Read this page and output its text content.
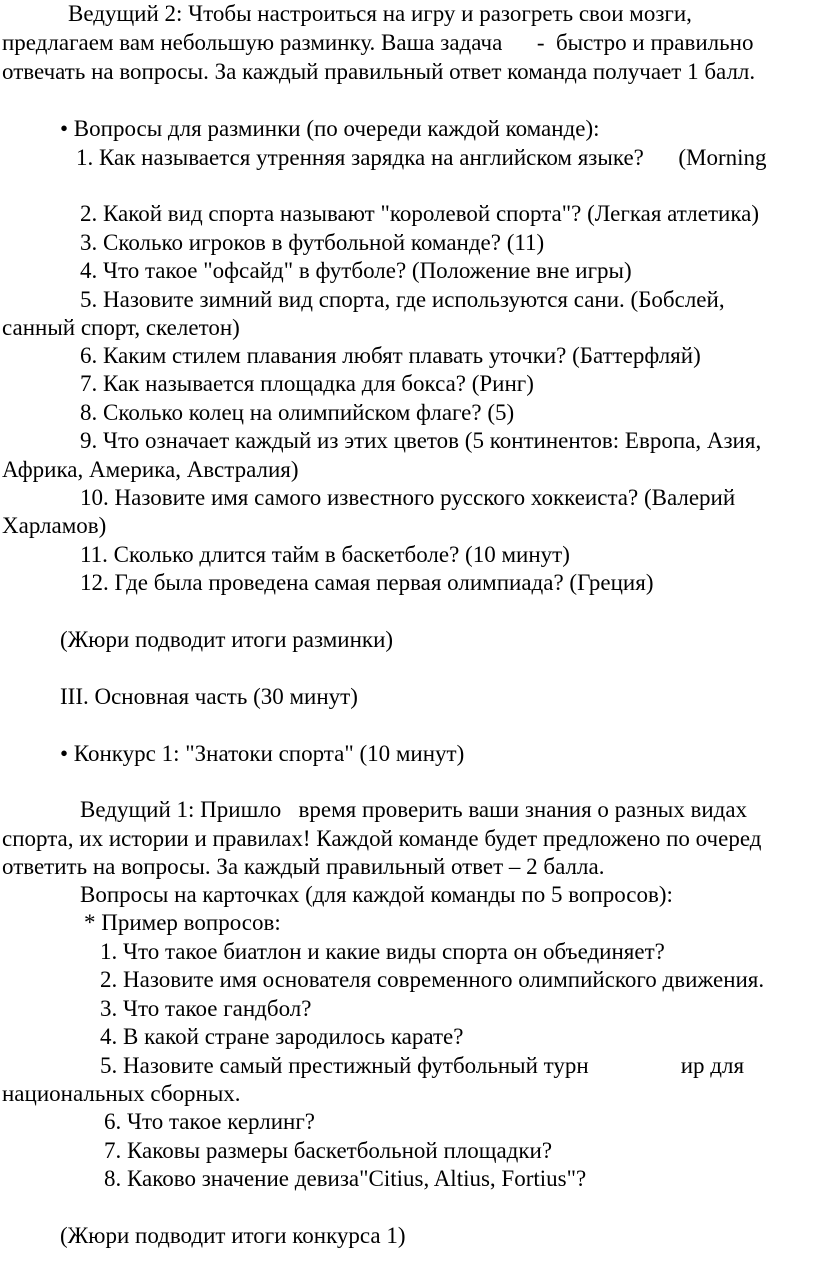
Ведущий 2: Чтобы настроиться на игру и разогреть свои мозги,
предлагаем вам небольшую разминку. Ваша задача      -  быстро и правильно
отвечать на вопросы. За каждый правильный ответ команда получает 1 балл.
• Вопросы для разминки (по очереди каждой команде):
1. Как называется утренняя зарядка на английском языке?      (Morning
2. Какой вид спорта называют "королевой спорта"? (Легкая атлетика)
3. Сколько игроков в футбольной команде? (11)
4. Что такое "офсайд" в футболе? (Положение вне игры)
5. Назовите зимний вид спорта, где используются сани. (Бобслей,
санный спорт, скелетон)
6. Каким стилем плавания любят плавать уточки? (Баттерфляй)
7. Как называется площадка для бокса? (Ринг)
8. Сколько колец на олимпийском флаге? (5)
9. Что означает каждый из этих цветов (5 континентов: Европа, Азия,
Африка, Америка, Австралия)
10. Назовите имя самого известного русского хоккеиста? (Валерий
Харламов)
11. Сколько длится тайм в баскетболе? (10 минут)
12. Где была проведена самая первая олимпиада? (Греция)
(Жюри подводит итоги разминки)
III. Основная часть (30 минут)
• Конкурс 1: "Знатоки спорта" (10 минут)
Ведущий 1: Пришло   время проверить ваши знания о разных видах
спорта, их истории и правилах! Каждой команде будет предложено по очеред
ответить на вопросы. За каждый правильный ответ – 2 балла.
Вопросы на карточках (для каждой команды по 5 вопросов):
* Пример вопросов:
1. Что такое биатлон и какие виды спорта он объединяет?
2. Назовите имя основателя современного олимпийского движения.
3. Что такое гандбол?
4. В какой стране зародилось карате?
5. Назовите самый престижный футбольный турн                ир для
национальных сборных.
6. Что такое керлинг?
7. Каковы размеры баскетбольной площадки?
8. Каково значение девиза"Citius, Altius, Fortius"?
(Жюри подводит итоги конкурса 1)
